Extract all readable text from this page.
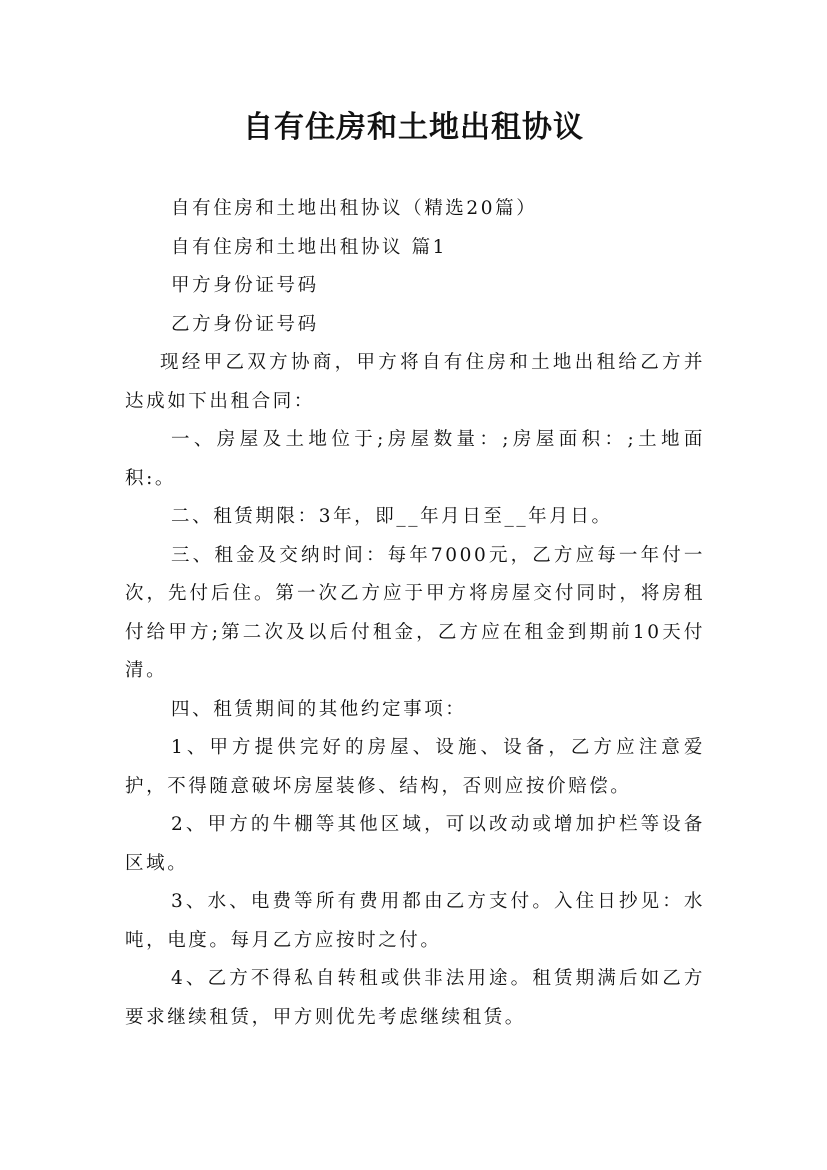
自有住房和土地出租协议

自有住房和土地出租协议（精选20篇）

自有住房和土地出租协议 篇1

甲方身份证号码

乙方身份证号码

现经甲乙双方协商，甲方将自有住房和土地出租给乙方并达成如下出租合同：

一、房屋及土地位于;房屋数量：;房屋面积：;土地面积:。

二、租赁期限：3年，即__年月日至__年月日。

三、租金及交纳时间：每年7000元，乙方应每一年付一次，先付后住。第一次乙方应于甲方将房屋交付同时，将房租付给甲方;第二次及以后付租金，乙方应在租金到期前10天付清。

四、租赁期间的其他约定事项：

1、甲方提供完好的房屋、设施、设备，乙方应注意爱护，不得随意破坏房屋装修、结构，否则应按价赔偿。

2、甲方的牛棚等其他区域，可以改动或增加护栏等设备区域。

3、水、电费等所有费用都由乙方支付。入住日抄见：水吨，电度。每月乙方应按时之付。

4、乙方不得私自转租或供非法用途。租赁期满后如乙方要求继续租赁，甲方则优先考虑继续租赁。
